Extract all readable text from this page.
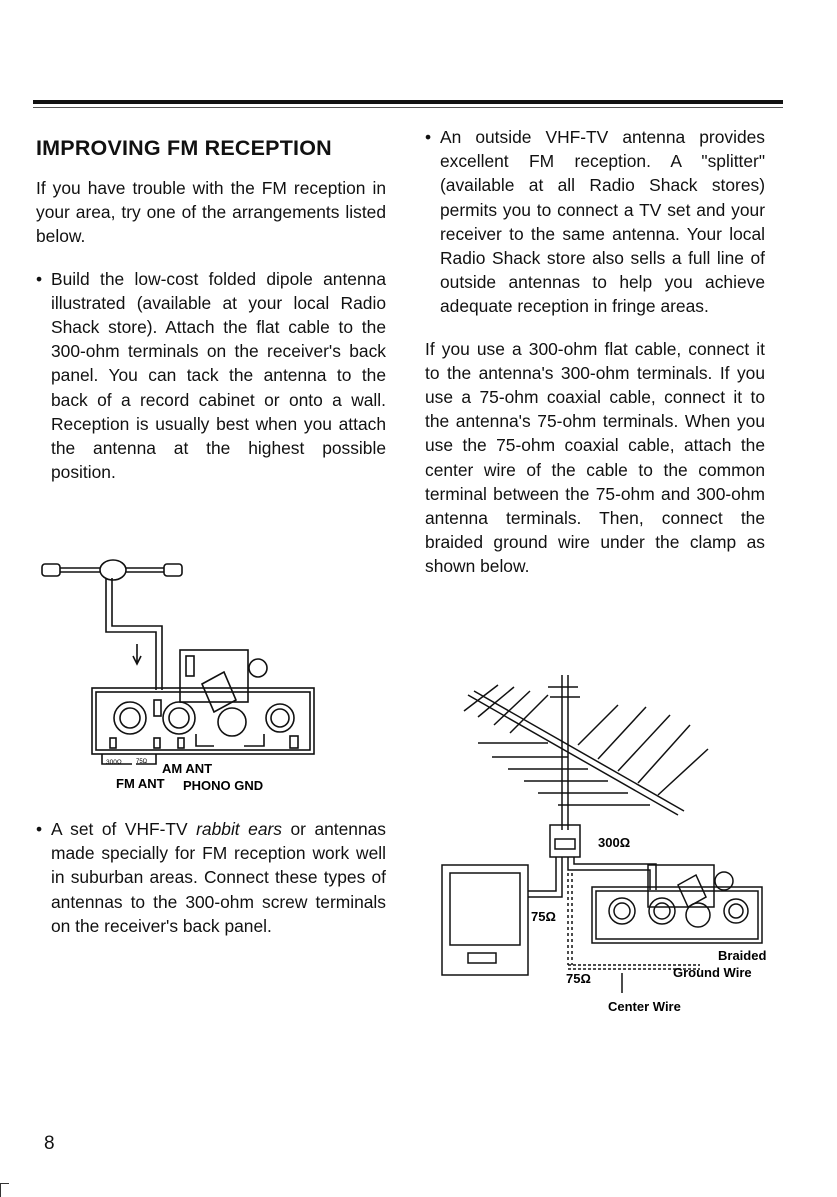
IMPROVING FM RECEPTION

If you have trouble with the FM reception in your area, try one of the arrangements listed below.

• Build the low-cost folded dipole antenna illustrated (available at your local Radio Shack store). Attach the flat cable to the 300-ohm terminals on the receiver's back panel. You can tack the antenna to the back of a record cabinet or onto a wall. Reception is usually best when you attach the antenna at the highest possible position.
300Ω 75Ω AM ANT
FM ANT PHONO GND
• A set of VHF-TV rabbit ears or antennas made specially for FM reception work well in suburban areas. Connect these types of antennas to the 300-ohm screw terminals on the receiver's back panel.
• An outside VHF-TV antenna provides excellent FM reception. A "splitter" (available at all Radio Shack stores) permits you to connect a TV set and your receiver to the same antenna. Your local Radio Shack store also sells a full line of outside antennas to help you achieve adequate reception in fringe areas.

If you use a 300-ohm flat cable, connect it to the antenna's 300-ohm terminals. If you use a 75-ohm coaxial cable, connect it to the antenna's 75-ohm terminals. When you use the 75-ohm coaxial cable, attach the center wire of the cable to the common terminal between the 75-ohm and 300-ohm antenna terminals. Then, connect the braided ground wire under the clamp as shown below.

300Ω
75Ω
75Ω
Braided
Ground Wire
Center Wire
8
